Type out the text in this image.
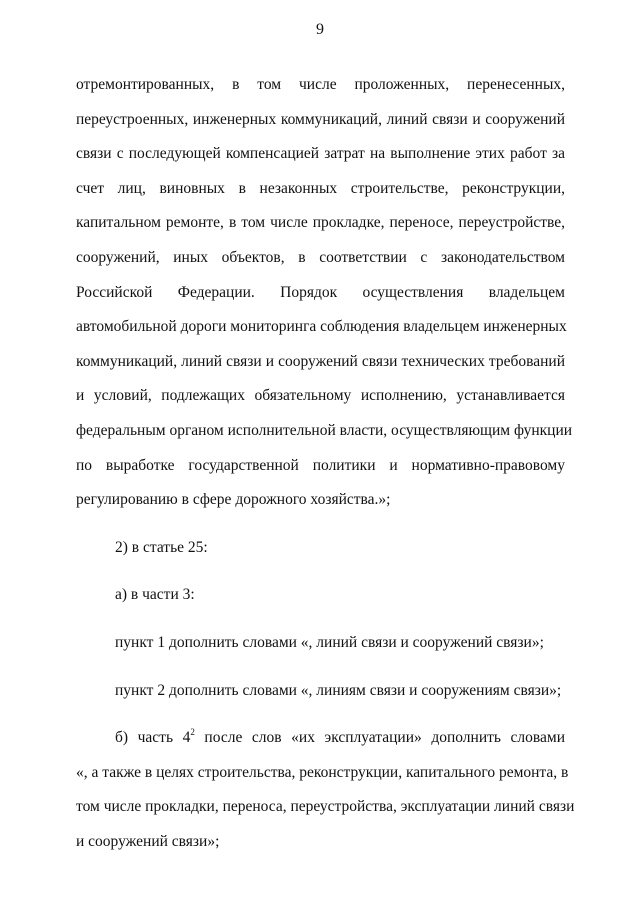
9
отремонтированных, в том числе проложенных, перенесенных,
переустроенных, инженерных коммуникаций, линий связи и сооружений
связи с последующей компенсацией затрат на выполнение этих работ за
счет лиц, виновных в незаконных строительстве, реконструкции,
капитальном ремонте, в том числе прокладке, переносе, переустройстве,
сооружений, иных объектов, в соответствии с законодательством
Российской Федерации. Порядок осуществления владельцем
автомобильной дороги мониторинга соблюдения владельцем инженерных
коммуникаций, линий связи и сооружений связи технических требований
и условий, подлежащих обязательному исполнению, устанавливается
федеральным органом исполнительной власти, осуществляющим функции
по выработке государственной политики и нормативно-правовому
регулированию в сфере дорожного хозяйства.»;
2) в статье 25:
а) в части 3:
пункт 1 дополнить словами «, линий связи и сооружений связи»;
пункт 2 дополнить словами «, линиям связи и сооружениям связи»;
б) часть $4^2$ после слов «их эксплуатации» дополнить словами
«, а также в целях строительства, реконструкции, капитального ремонта, в
том числе прокладки, переноса, переустройства, эксплуатации линий связи
и сооружений связи»;
